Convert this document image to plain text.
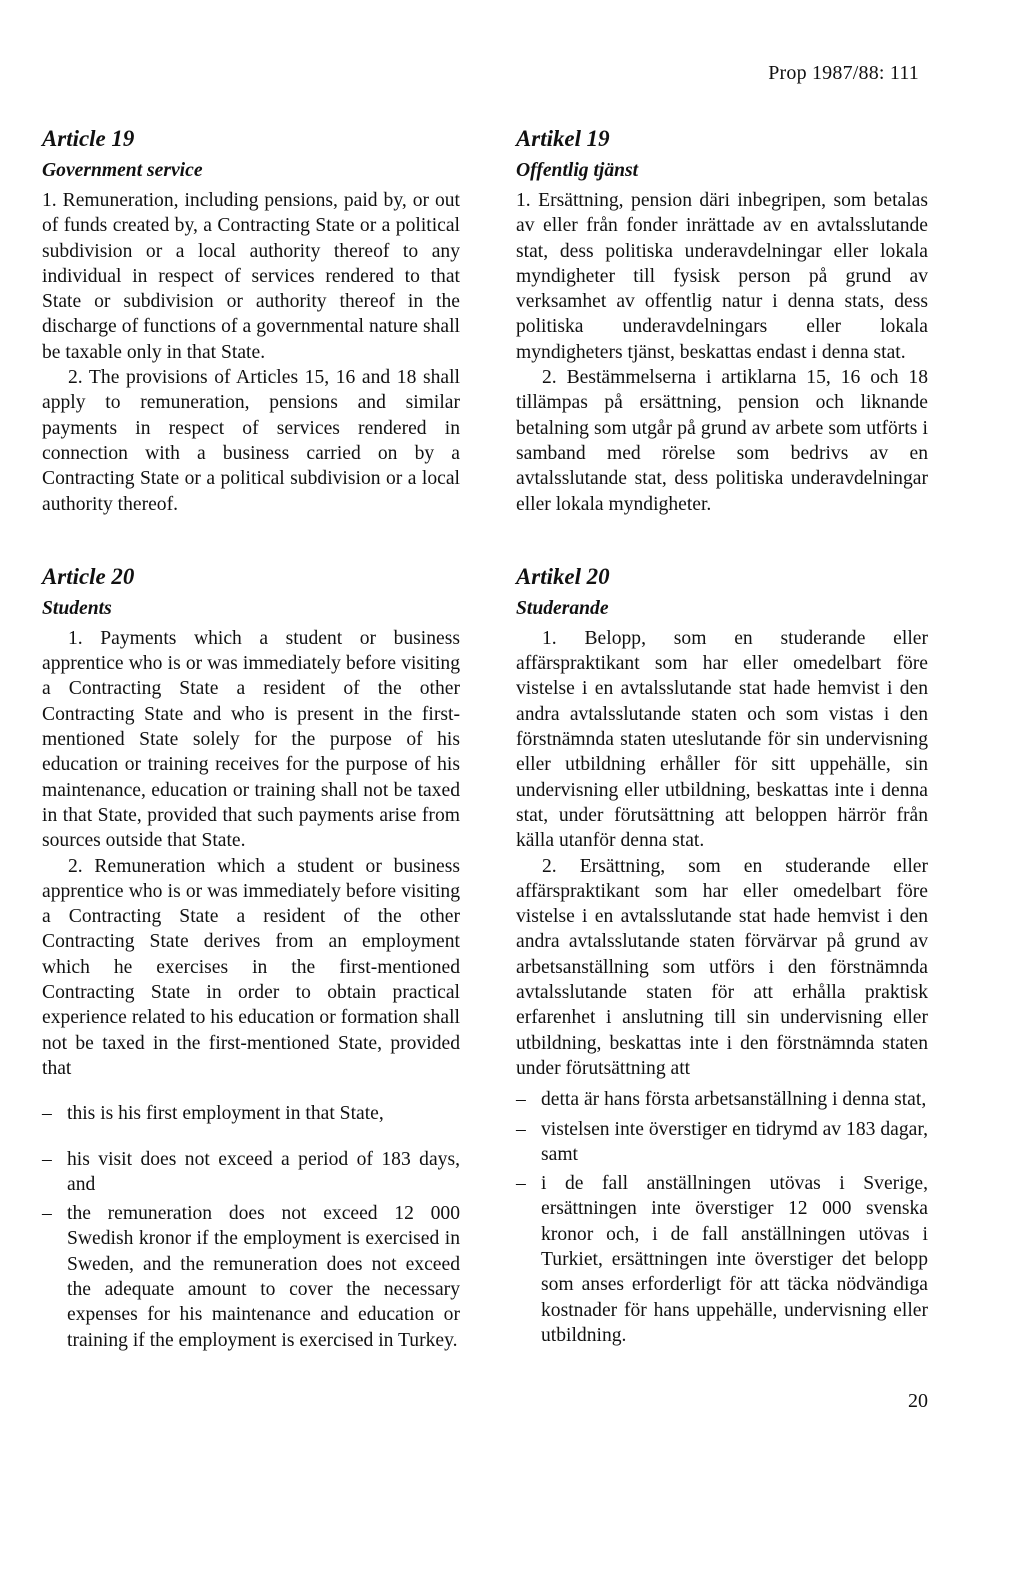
Prop 1987/88: 111
Article 19
Government service

1. Remuneration, including pensions, paid by, or out of funds created by, a Contracting State or a political subdivision or a local authority thereof to any individual in respect of services rendered to that State or subdivision or authority thereof in the discharge of functions of a governmental nature shall be taxable only in that State.

2. The provisions of Articles 15, 16 and 18 shall apply to remuneration, pensions and similar payments in respect of services rendered in connection with a business carried on by a Contracting State or a political subdivision or a local authority thereof.

Article 20
Students

1. Payments which a student or business apprentice who is or was immediately before visiting a Contracting State a resident of the other Contracting State and who is present in the first-mentioned State solely for the purpose of his education or training receives for the purpose of his maintenance, education or training shall not be taxed in that State, provided that such payments arise from sources outside that State.

2. Remuneration which a student or business apprentice who is or was immediately before visiting a Contracting State a resident of the other Contracting State derives from an employment which he exercises in the first-mentioned Contracting State in order to obtain practical experience related to his education or formation shall not be taxed in the first-mentioned State, provided that

– this is his first employment in that State,
– his visit does not exceed a period of 183 days, and
– the remuneration does not exceed 12 000 Swedish kronor if the employment is exercised in Sweden, and the remuneration does not exceed the adequate amount to cover the necessary expenses for his maintenance and education or training if the employment is exercised in Turkey.
Artikel 19
Offentlig tjänst

1. Ersättning, pension däri inbegripen, som betalas av eller från fonder inrättade av en avtalsslutande stat, dess politiska underavdelningar eller lokala myndigheter till fysisk person på grund av verksamhet av offentlig natur i denna stats, dess politiska underavdelningars eller lokala myndigheters tjänst, beskattas endast i denna stat.

2. Bestämmelserna i artiklarna 15, 16 och 18 tillämpas på ersättning, pension och liknande betalning som utgår på grund av arbete som utförts i samband med rörelse som bedrivs av en avtalsslutande stat, dess politiska underavdelningar eller lokala myndigheter.

Artikel 20
Studerande

1. Belopp, som en studerande eller affärspraktikant som har eller omedelbart före vistelse i en avtalsslutande stat hade hemvist i den andra avtalsslutande staten och som vistas i den förstnämnda staten uteslutande för sin undervisning eller utbildning erhåller för sitt uppehälle, sin undervisning eller utbildning, beskattas inte i denna stat, under förutsättning att beloppen härrör från källa utanför denna stat.

2. Ersättning, som en studerande eller affärspraktikant som har eller omedelbart före vistelse i en avtalsslutande stat hade hemvist i den andra avtalsslutande staten förvärvar på grund av arbetsanställning som utförs i den förstnämnda avtalsslutande staten för att erhålla praktisk erfarenhet i anslutning till sin undervisning eller utbildning, beskattas inte i den förstnämnda staten under förutsättning att

– detta är hans första arbetsanställning i denna stat,
– vistelsen inte överstiger en tidrymd av 183 dagar, samt
– i de fall anställningen utövas i Sverige, ersättningen inte överstiger 12 000 svenska kronor och, i de fall anställningen utövas i Turkiet, ersättningen inte överstiger det belopp som anses erforderligt för att täcka nödvändiga kostnader för hans uppehälle, undervisning eller utbildning.
20
